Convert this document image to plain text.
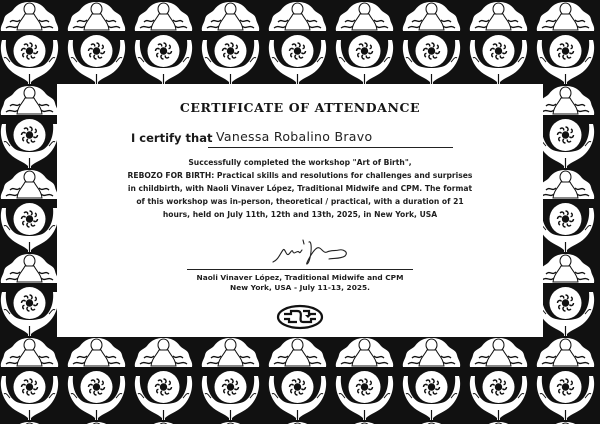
CERTIFICATE OF ATTENDANCE
I certify that Vanessa Robalino Bravo
Successfully completed the workshop "Art of Birth",
REBOZO FOR BIRTH: Practical skills and resolutions for challenges and surprises
in childbirth, with Naoli Vinaver López, Traditional Midwife and CPM. The format
of this workshop was in-person, theoretical / practical, with a duration of 21
hours, held on July 11th, 12th and 13th, 2025, in New York, USA
Naoli Vinaver López, Traditional Midwife and CPM
New York, USA - July 11-13, 2025.
